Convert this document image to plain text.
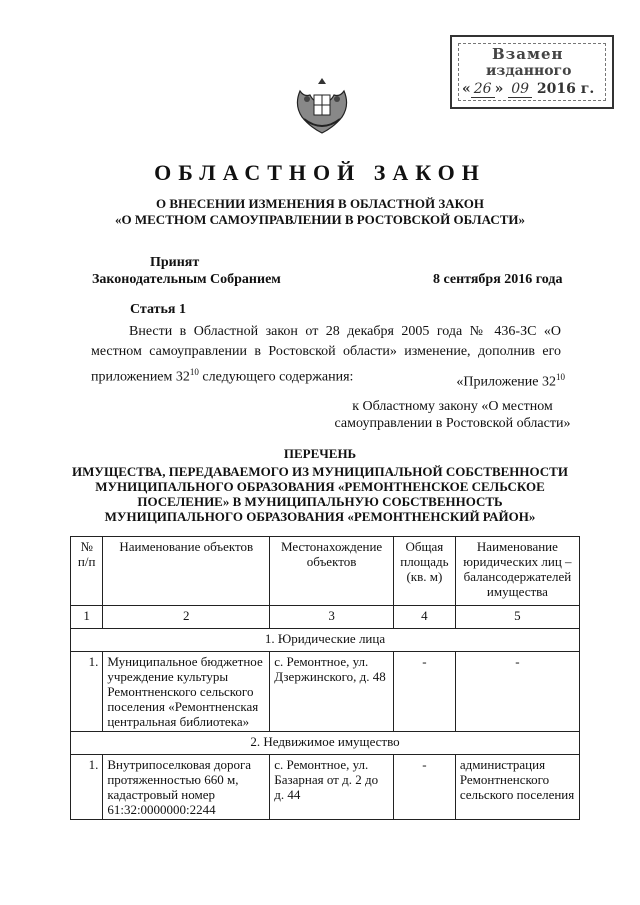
Взамен
изданного
« 26 » 09 2016 г.
ОБЛАСТНОЙ ЗАКОН
О ВНЕСЕНИИ ИЗМЕНЕНИЯ В ОБЛАСТНОЙ ЗАКОН
«О МЕСТНОМ САМОУПРАВЛЕНИИ В РОСТОВСКОЙ ОБЛАСТИ»
Принят
Законодательным Собранием	8 сентября 2016 года
Статья 1
Внести в Областной закон от 28 декабря 2005 года № 436-ЗС «О местном самоуправлении в Ростовской области» изменение, дополнив его приложением $32^{10}$ следующего содержания:	«Приложение $32^{10}$
к Областному закону «О местном
самоуправлении в Ростовской области»
ПЕРЕЧЕНЬ
ИМУЩЕСТВА, ПЕРЕДАВАЕМОГО ИЗ МУНИЦИПАЛЬНОЙ СОБСТВЕННОСТИ
МУНИЦИПАЛЬНОГО ОБРАЗОВАНИЯ «РЕМОНТНЕНСКОЕ СЕЛЬСКОЕ
ПОСЕЛЕНИЕ» В МУНИЦИПАЛЬНУЮ СОБСТВЕННОСТЬ
МУНИЦИПАЛЬНОГО ОБРАЗОВАНИЯ «РЕМОНТНЕНСКИЙ РАЙОН»
№ п/п	Наименование объектов	Местонахождение объектов	Общая площадь (кв. м)	Наименование юридических лиц – балансодержателей имущества
1	2	3	4	5
1. Юридические лица				
1.	Муниципальное бюджетное учреждение культуры Ремонтненского сельского поселения «Ремонтненская центральная библиотека»	с. Ремонтное, ул. Дзержинского, д. 48	-	-
2. Недвижимое имущество				
1.	Внутрипоселковая дорога протяженностью 660 м, кадастровый номер 61:32:0000000:2244	с. Ремонтное, ул. Базарная от д. 2 до д. 44	-	администрация Ремонтненского сельского поселения
